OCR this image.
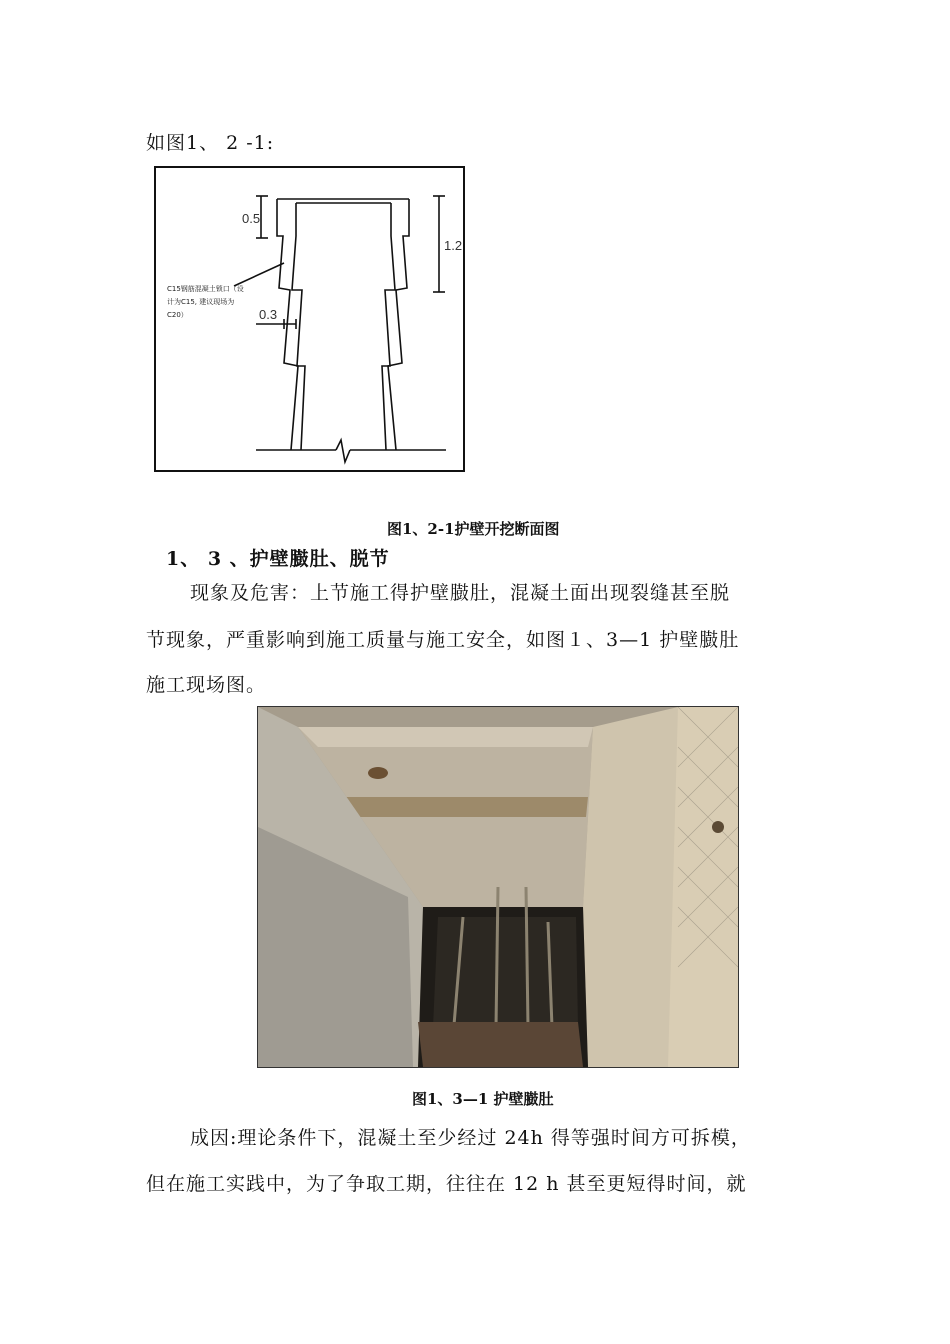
如图1、 2 -1:
0.5
1.2
0.3
C15钢筋混凝土锁口（设
计为C15, 建议现场为
C20）
图1、2-1护壁开挖断面图
1、 3 、护壁臌肚、脱节
现象及危害：上节施工得护壁臌肚，混凝土面出现裂缝甚至脱
节现象，严重影响到施工质量与施工安全，如图１、3—1 护壁臌肚
施工现场图。
图1、3—1 护壁臌肚
成因:理论条件下，混凝土至少经过 24h 得等强时间方可拆模，
但在施工实践中，为了争取工期，往往在 12 h 甚至更短得时间，就
